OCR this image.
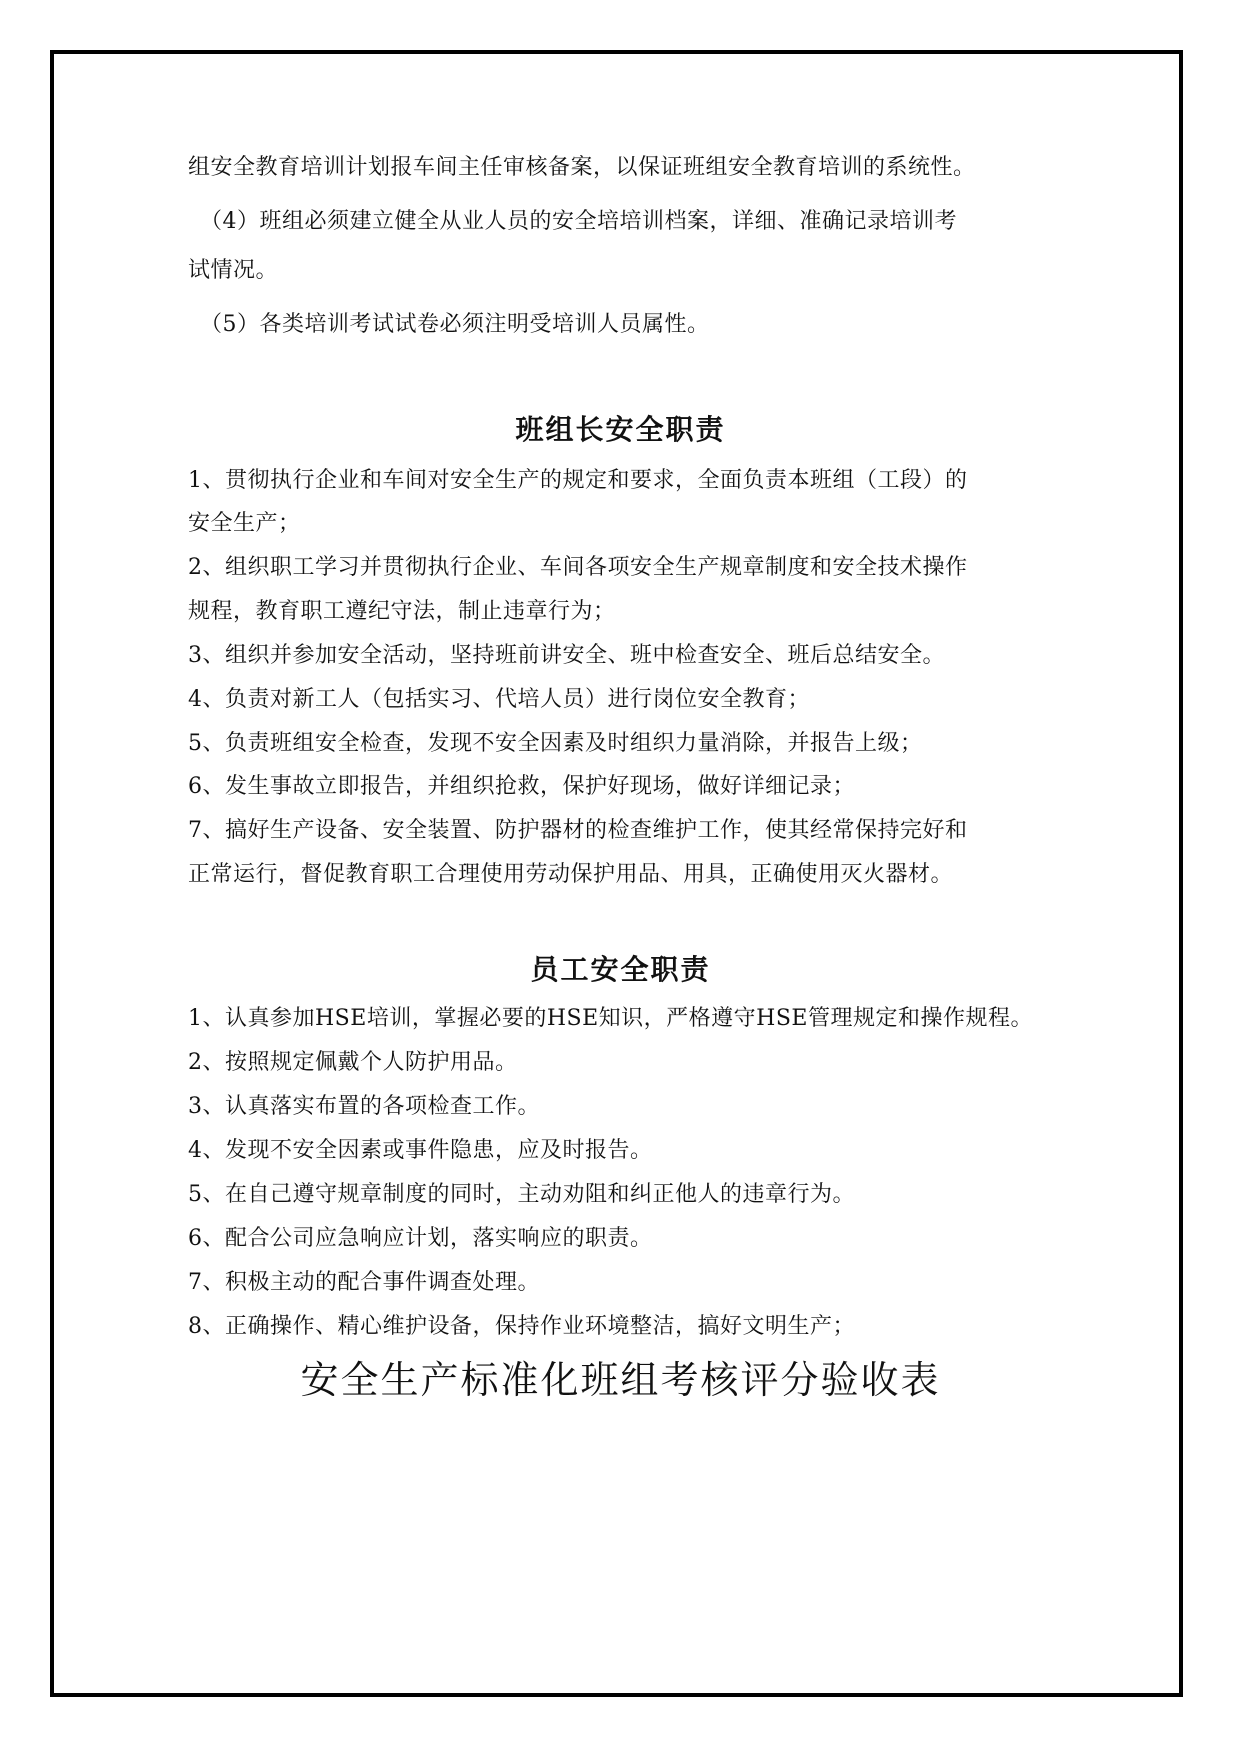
组安全教育培训计划报车间主任审核备案，以保证班组安全教育培训的系统性。
（4）班组必须建立健全从业人员的安全培培训档案，详细、准确记录培训考
试情况。
（5）各类培训考试试卷必须注明受培训人员属性。
班组长安全职责
1、贯彻执行企业和车间对安全生产的规定和要求，全面负责本班组（工段）的
安全生产；
2、组织职工学习并贯彻执行企业、车间各项安全生产规章制度和安全技术操作
规程，教育职工遵纪守法，制止违章行为；
3、组织并参加安全活动，坚持班前讲安全、班中检查安全、班后总结安全。
4、负责对新工人（包括实习、代培人员）进行岗位安全教育；
5、负责班组安全检查，发现不安全因素及时组织力量消除，并报告上级；
6、发生事故立即报告，并组织抢救，保护好现场，做好详细记录；
7、搞好生产设备、安全装置、防护器材的检查维护工作，使其经常保持完好和
正常运行，督促教育职工合理使用劳动保护用品、用具，正确使用灭火器材。
员工安全职责
1、认真参加HSE培训，掌握必要的HSE知识，严格遵守HSE管理规定和操作规程。
2、按照规定佩戴个人防护用品。
3、认真落实布置的各项检查工作。
4、发现不安全因素或事件隐患，应及时报告。
5、在自己遵守规章制度的同时，主动劝阻和纠正他人的违章行为。
6、配合公司应急响应计划，落实响应的职责。
7、积极主动的配合事件调查处理。
8、正确操作、精心维护设备，保持作业环境整洁，搞好文明生产；
安全生产标准化班组考核评分验收表
